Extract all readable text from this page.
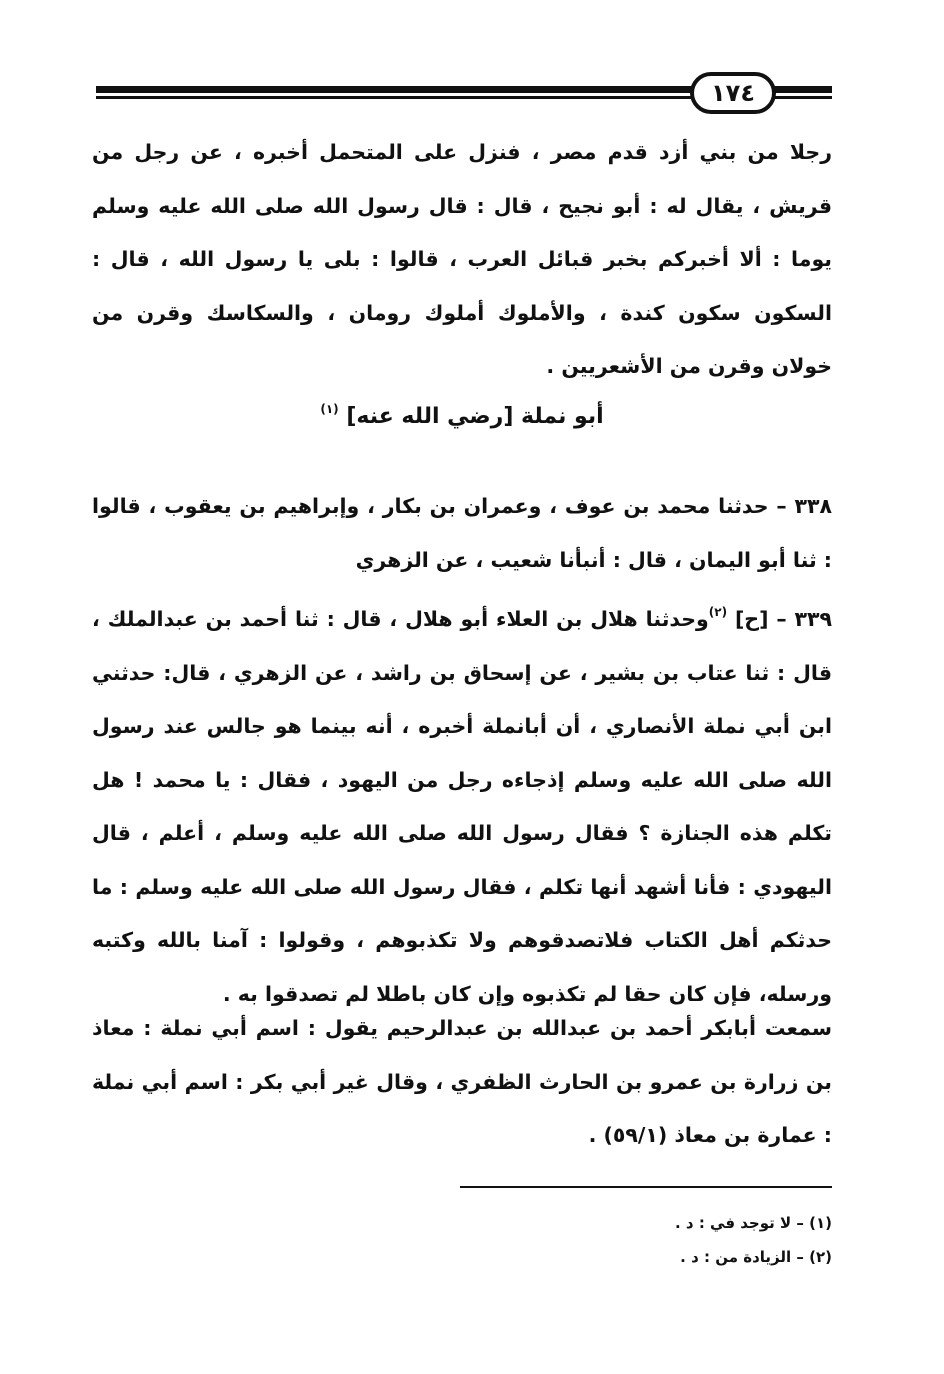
١٧٤

رجلا من بني أزد قدم مصر ، فنزل على المتحمل أخبره ، عن رجل من قريش ، يقال له : أبو نجيح ، قال : قال رسول الله صلى الله عليه وسلم يوما : ألا أخبركم بخبر قبائل العرب ، قالوا : بلى يا رسول الله ، قال : السكون سكون كندة ، والأملوك أملوك رومان ، والسكاسك وقرن من خولان وقرن من الأشعريين .

أبو نملة [رضي الله عنه] $^{(١)}$

٣٣٨ – حدثنا محمد بن عوف ، وعمران بن بكار ، وإبراهيم بن يعقوب ، قالوا : ثنا أبو اليمان ، قال : أنبأنا شعيب ، عن الزهري

٣٣٩ – [ح] $^{(٢)}$وحدثنا هلال بن العلاء أبو هلال ، قال : ثنا أحمد بن عبدالملك ، قال : ثنا عتاب بن بشير ، عن إسحاق بن راشد ، عن الزهري ، قال: حدثني ابن أبي نملة الأنصاري ، أن أبانملة أخبره ، أنه بينما هو جالس عند رسول الله صلى الله عليه وسلم إذجاءه رجل من اليهود ، فقال : يا محمد ! هل تكلم هذه الجنازة ؟ فقال رسول الله صلى الله عليه وسلم ، أعلم ، قال اليهودي : فأنا أشهد أنها تكلم ، فقال رسول الله صلى الله عليه وسلم : ما حدثكم أهل الكتاب فلاتصدقوهم ولا تكذبوهم ، وقولوا : آمنا بالله وكتبه ورسله، فإن كان حقا لم تكذبوه وإن كان باطلا لم تصدقوا به .

سمعت أبابكر أحمد بن عبدالله بن عبدالرحيم يقول : اسم أبي نملة : معاذ بن زرارة بن عمرو بن الحارث الظفري ، وقال غير أبي بكر : اسم أبي نملة : عمارة بن معاذ (٥٩/١) .

(١) – لا توجد في : د .
(٢) – الزيادة من : د .
